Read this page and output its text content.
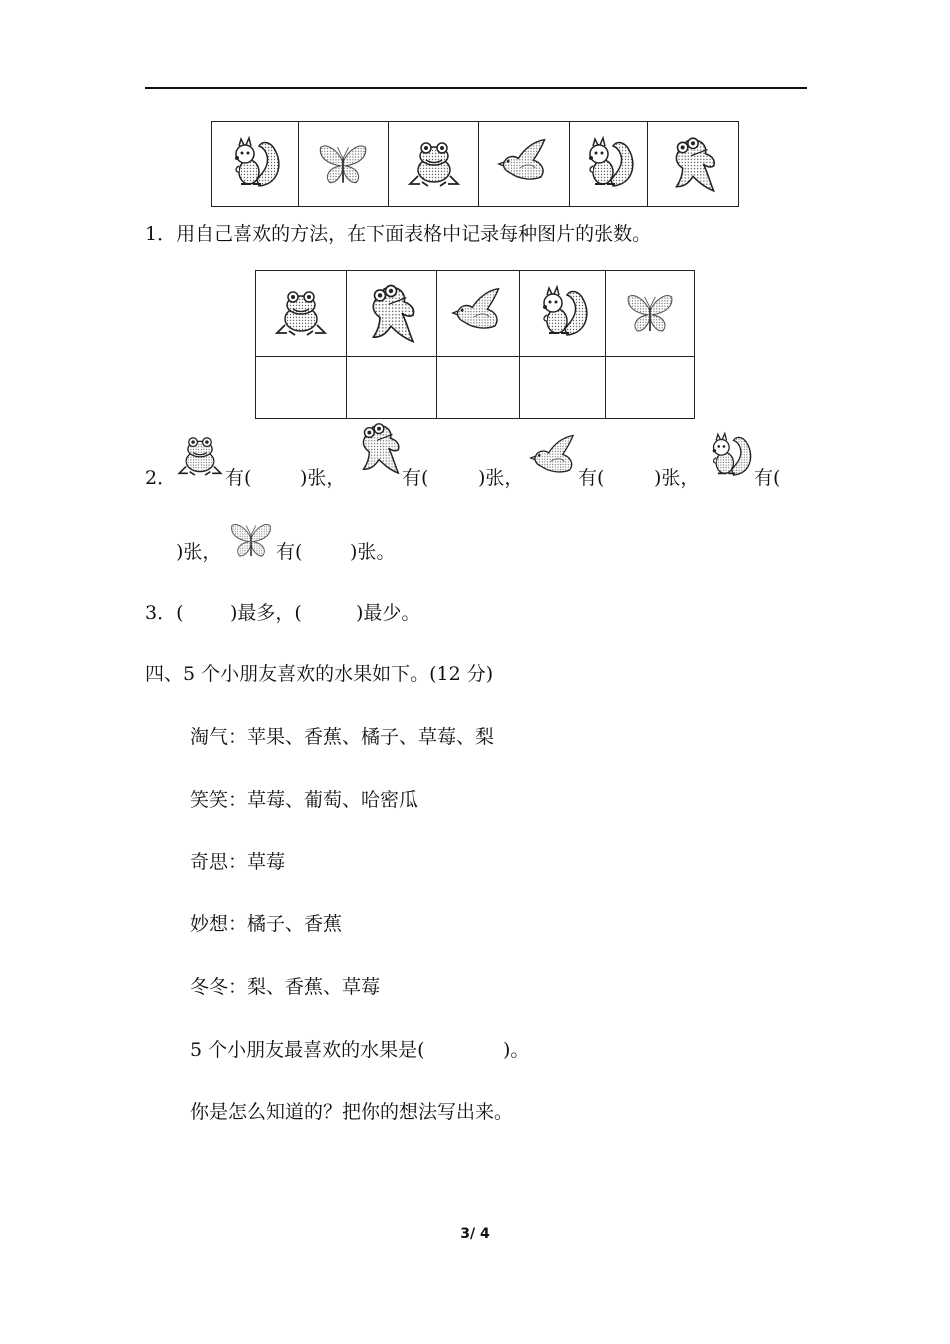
1．用自己喜欢的方法，在下面表格中记录每种图片的张数。

2．	有(	)张，	有(	)张，	有(	)张，	有(
)张，	有(	)张。
3．( )最多，(	)最少。
四、5 个小朋友喜欢的水果如下。(12 分)
淘气：苹果、香蕉、橘子、草莓、梨
笑笑：草莓、葡萄、哈密瓜
奇思：草莓
妙想：橘子、香蕉
冬冬：梨、香蕉、草莓
5 个小朋友最喜欢的水果是(	)。
你是怎么知道的？把你的想法写出来。
3/ 4
